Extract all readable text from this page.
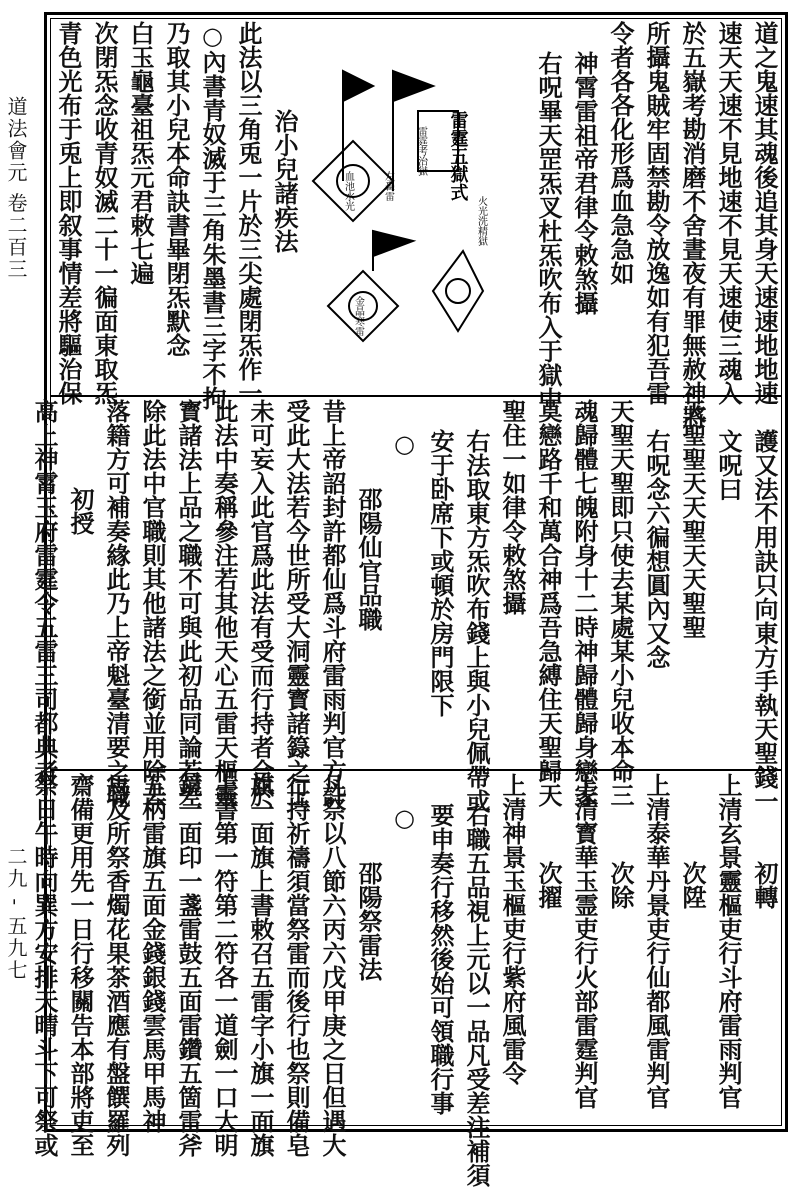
道法會元 卷二百三
二九 ‑ 五九七
道之鬼速其魂後追其身天速速地地速
速天天速不見地速不見天速使三魂入
於五嶽考勘消磨不舍晝夜有罪無赦神將
所攝鬼賊牢固禁勘令放逸如有犯吾雷
令者各各化形爲血急急如
神霄雷祖帝君律令敕煞攝
右呪畢天罡炁叉杜炁吹布入于獄中
雷霆五獄式
雷霆考治獄
火光洗精獄
金晶寒雷
血池水光	左轟雷
治小兒諸疾法
此法以三角兎一片於三尖處閉炁作一
○內書青奴滅于三角朱墨書三字不拘
乃取其小兒本命訣書畢閉炁默念
白玉龜臺祖炁元君敕七遍
次閉炁念收青奴滅二十一徧面東取炁
青色光布于兎上即叙事情差將驅治保
護又法不用訣只向東方手執天聖錢一
文呪曰
天聖聖天天聖天天聖聖
右呪念六徧想圓內又念
天聖天聖即只使去某處某小兒收本命三
魂歸體七魄附身十二時神歸體歸身戀家
莫戀路千和萬合神爲吾急縛住天聖歸天
聖住一如律令敕煞攝
右法取東方炁吹布錢上與小兒佩帶或
安于卧席下或頓於房門限下
○
邵陽仙官品職
昔上帝詔封許都仙爲斗府雷雨判官方許
受此大法若今世所受大洞靈寳諸籙之士
未可妄入此官爲此法有受而行持者合於
此法中奏稱參注若其他天心五雷天樞靈
寳諸法上品之職不可與此初品同論若差
除此法中官職則其他諸法之銜並用除去
落籍方可補奏緣此乃上帝魁臺清要之職
初授
高上神霄玉府雷霆令五雷三司都典者
初轉
上清玄景靈樞吏行斗府雷雨判官
次陞
上清泰華丹景吏行仙都風雷判官
次除
上清寳華玉霊吏行火部雷霆判官
次擢
上清神景玉樞吏行紫府風雷令
右職五品視上元以一品凡受差注補須
要申奏行移然後始可領職行事
○
邵陽祭雷法
凡祭以八節六丙六戊甲庚之日但遇大
行持祈禱須當祭雷而後行也祭則備皂
旗一面旗上書敕召五雷字小旗一面旗
上書第一符第二符各一道劍一口大明
鏡一面印一盞雷鼓五面雷鑽五箇雷斧
五柄雷旗五面金錢銀錢雲馬甲馬神
馬及所祭香燭花果茶酒應有盤饌羅列
齋備更用先一日行移關告本部將吏至
祭日午時向巽方安排天晴斗下可祭或
